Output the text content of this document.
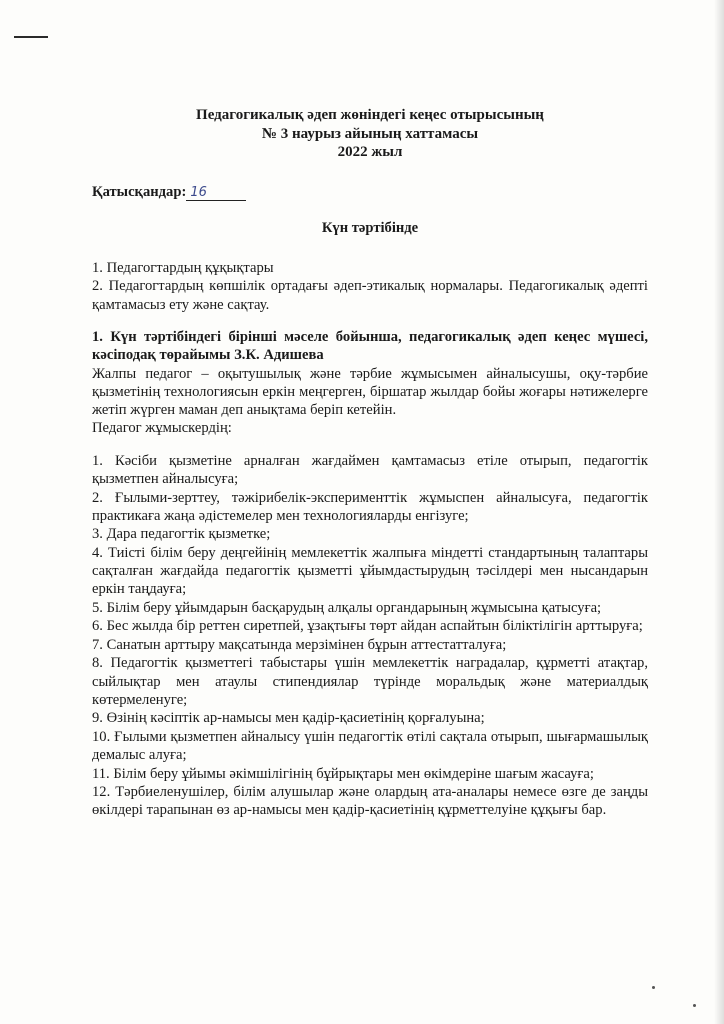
Педагогикалық әдеп жөніндегі кеңес отырысының
№ 3 наурыз айының хаттамасы
2022 жыл
Қатысқандар: 16
Күн тәртібінде

1. Педагогтардың құқықтары

2. Педагогтардың көпшілік ортадағы әдеп-этикалық нормалары. Педагогикалық әдепті қамтамасыз ету және сақтау.

1. Күн тәртібіндегі бірінші мәселе бойынша, педагогикалық әдеп кеңес мүшесі, кәсіподақ төрайымы З.К. Адишева

Жалпы педагог – оқытушылық және тәрбие жұмысымен айналысушы, оқу-тәрбие қызметінің технологиясын еркін меңгерген, біршатар жылдар бойы жоғары нәтижелерге жетіп жүрген маман деп анықтама беріп кетейін.

Педагог жұмыскердің:

1. Кәсіби қызметіне арналған жағдаймен қамтамасыз етіле отырып, педагогтік қызметпен айналысуға;

2. Ғылыми-зерттеу, тәжірибелік-эксперименттік жұмыспен айналысуға, педагогтік практикаға жаңа әдістемелер мен технологияларды енгізуге;

3. Дара педагогтік қызметке;

4. Тиісті білім беру деңгейінің мемлекеттік жалпыға міндетті стандартының талаптары сақталған жағдайда педагогтік қызметті ұйымдастырудың тәсілдері мен нысандарын еркін таңдауға;

5. Білім беру ұйымдарын басқарудың алқалы органдарының жұмысына қатысуға;

6. Бес жылда бір реттен сиретпей, ұзақтығы төрт айдан аспайтын біліктілігін арттыруға;

7. Санатын арттыру мақсатында мерзімінен бұрын аттестатталуға;

8. Педагогтік қызметтегі табыстары үшін мемлекеттік наградалар, құрметті атақтар, сыйлықтар мен атаулы стипендиялар түрінде моральдық және материалдық көтермеленуге;

9. Өзінің кәсіптік ар-намысы мен қадір-қасиетінің қорғалуына;

10. Ғылыми қызметпен айналысу үшін педагогтік өтілі сақтала отырып, шығармашылық демалыс алуға;

11. Білім беру ұйымы әкімшілігінің бұйрықтары мен өкімдеріне шағым жасауға;

12. Тәрбиеленушілер, білім алушылар және олардың ата-аналары немесе өзге де заңды өкілдері тарапынан өз ар-намысы мен қадір-қасиетінің құрметтелуіне құқығы бар.
